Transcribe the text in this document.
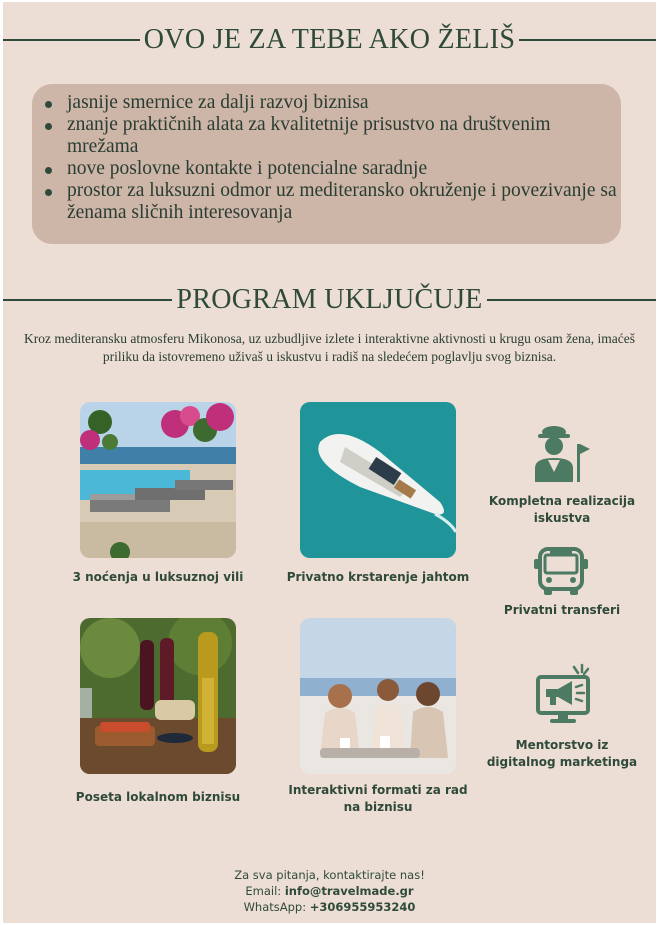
OVO JE ZA TEBE AKO ŽELIŠ
jasnije smernice za dalji razvoj biznisa
znanje praktičnih alata za kvalitetnije prisustvo na društvenim mrežama
nove poslovne kontakte i potencialne saradnje
prostor za luksuzni odmor uz mediteransko okruženje i povezivanje sa ženama sličnih interesovanja
PROGRAM UKLJUČUJE
Kroz mediteransku atmosferu Mikonosa, uz uzbudljive izlete i interaktivne aktivnosti u krugu osam žena, imaćeš priliku da istovremeno uživaš u iskustvu i radiš na sledećem poglavlju svog biznisa.
3 noćenja u luksuznoj vili	Privatno krstarenje jahtom
Poseta lokalnom biznisu	Interaktivni formati za rad na biznisu
Kompletna realizacija iskustva
Privatni transferi
Mentorstvo iz digitalnog marketinga
Za sva pitanja, kontaktirajte nas!
Email: info@travelmade.gr
WhatsApp: +306955953240
